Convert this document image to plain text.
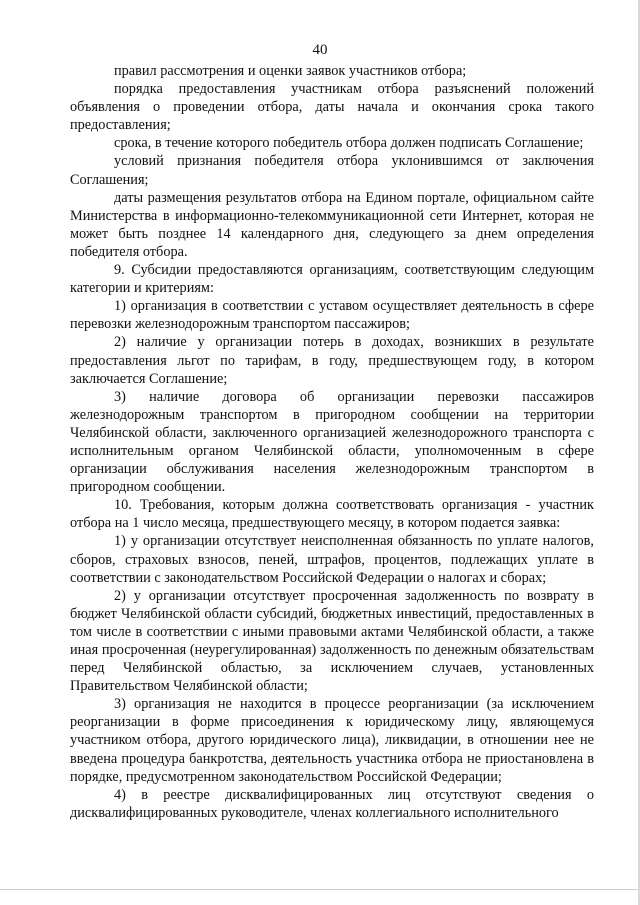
40

правил рассмотрения и оценки заявок участников отбора;

порядка предоставления участникам отбора разъяснений положений объявления о проведении отбора, даты начала и окончания срока такого предоставления;

срока, в течение которого победитель отбора должен подписать Соглашение;

условий признания победителя отбора уклонившимся от заключения Соглашения;

даты размещения результатов отбора на Едином портале, официальном сайте Министерства в информационно-телекоммуникационной сети Интернет, которая не может быть позднее 14 календарного дня, следующего за днем определения победителя отбора.

9. Субсидии предоставляются организациям, соответствующим следующим категории и критериям:

1) организация в соответствии с уставом осуществляет деятельность в сфере перевозки железнодорожным транспортом пассажиров;

2) наличие у организации потерь в доходах, возникших в результате предоставления льгот по тарифам, в году, предшествующем году, в котором заключается Соглашение;

3) наличие договора об организации перевозки пассажиров железнодорожным транспортом в пригородном сообщении на территории Челябинской области, заключенного организацией железнодорожного транспорта с исполнительным органом Челябинской области, уполномоченным в сфере организации обслуживания населения железнодорожным транспортом в пригородном сообщении.

10. Требования, которым должна соответствовать организация - участник отбора на 1 число месяца, предшествующего месяцу, в котором подается заявка:

1) у организации отсутствует неисполненная обязанность по уплате налогов, сборов, страховых взносов, пеней, штрафов, процентов, подлежащих уплате в соответствии с законодательством Российской Федерации о налогах и сборах;

2) у организации отсутствует просроченная задолженность по возврату в бюджет Челябинской области субсидий, бюджетных инвестиций, предоставленных в том числе в соответствии с иными правовыми актами Челябинской области, а также иная просроченная (неурегулированная) задолженность по денежным обязательствам перед Челябинской областью, за исключением случаев, установленных Правительством Челябинской области;

3) организация не находится в процессе реорганизации (за исключением реорганизации в форме присоединения к юридическому лицу, являющемуся участником отбора, другого юридического лица), ликвидации, в отношении нее не введена процедура банкротства, деятельность участника отбора не приостановлена в порядке, предусмотренном законодательством Российской Федерации;

4) в реестре дисквалифицированных лиц отсутствуют сведения о дисквалифицированных руководителе, членах коллегиального исполнительного
